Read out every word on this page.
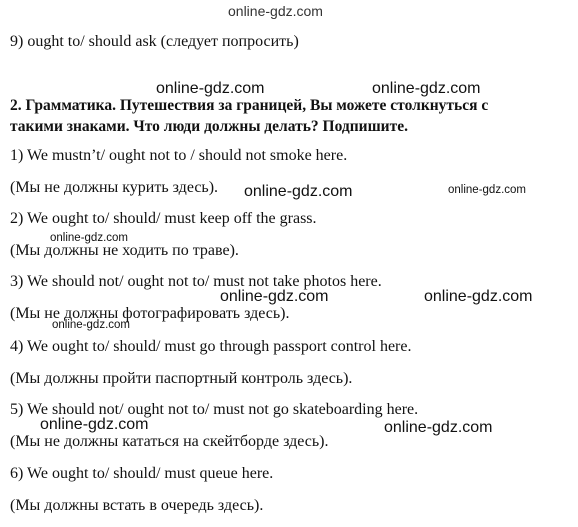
online-gdz.com
9) ought to/ should ask (следует попросить)
online-gdz.com	online-gdz.com
2. Грамматика. Путешествия за границей, Вы можете столкнуться с
такими знаками. Что люди должны делать? Подпишите.
1) We mustn’t/ ought not to / should not smoke here.
(Мы не должны курить здесь). online-gdz.com	online-gdz.com
2) We ought to/ should/ must keep off the grass.
online-gdz.com
(Мы должны не ходить по траве).
3) We should not/ ought not to/ must not take photos here.
online-gdz.com	online-gdz.com
(Мы не должны фотографировать здесь).
online-gdz.com
4) We ought to/ should/ must go through passport control here.
(Мы должны пройти паспортный контроль здесь).
5) We should not/ ought not to/ must not go skateboarding here.
online-gdz.com	online-gdz.com
(Мы не должны кататься на скейтборде здесь).
6) We ought to/ should/ must queue here.
(Мы должны встать в очередь здесь).
